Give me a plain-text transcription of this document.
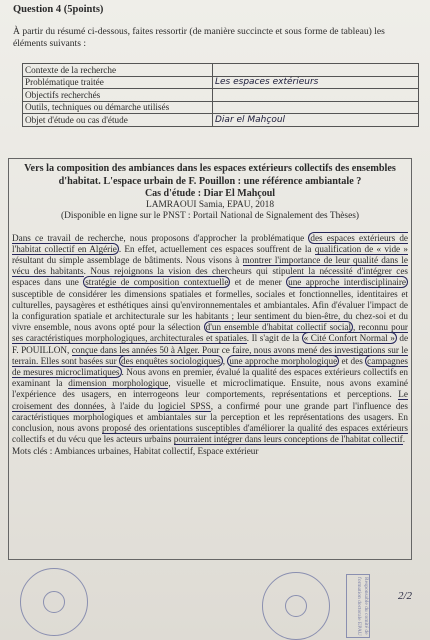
Question 4 (5points)
À partir du résumé ci-dessous, faites ressortir (de manière succincte et sous forme de tableau) les éléments suivants :
Contexte de la recherche	
Problématique traitée	Les espaces extérieurs
Objectifs recherchés	
Outils, techniques ou démarche utilisés	
Objet d'étude ou cas d'étude	Diar el Mahçoul
Vers la composition des ambiances dans les espaces extérieurs collectifs des ensembles d'habitat. L'espace urbain de F. Pouillon : une référence ambiantale ?
Cas d'étude : Diar El Mahçoul
LAMRAOUI Samia, EPAU, 2018
(Disponible en ligne sur le PNST : Portail National de Signalement des Thèses)
Dans ce travail de recherche, nous proposons d'approcher la problématique des espaces extérieurs de l'habitat collectif en Algérie . En effet, actuellement ces espaces souffrent de la qualification de « vide » résultant du simple assemblage de bâtiments. Nous visons à montrer l'importance de leur qualité dans le vécu des habitants. Nous rejoignons la vision des chercheurs qui stipulent la nécessité d'intégrer ces espaces dans une stratégie de composition contextuelle et de mener une approche interdisciplinaire susceptible de considérer les dimensions spatiales et formelles, sociales et fonctionnelles, identitaires et culturelles, paysagères et esthétiques ainsi qu'environnementales et ambiantales. Afin d'évaluer l'impact de la configuration spatiale et architecturale sur les habitants ; leur sentiment du bien-être, du chez-soi et du vivre ensemble, nous avons opté pour la sélection d'un ensemble d'habitat collectif social , reconnu pour ses caractéristiques morphologiques, architecturales et spatiales. Il s'agit de la « Cité Confort Normal » de F. POUILLON, conçue dans les années 50 à Alger. Pour ce faire, nous avons mené des investigations sur le terrain. Elles sont basées sur des enquêtes sociologiques , une approche morphologique et des campagnes de mesures microclimatiques . Nous avons en premier, évalué la qualité des espaces extérieurs collectifs en examinant la dimension morphologique, visuelle et microclimatique. Ensuite, nous avons examiné l'expérience des usagers, en interrogeons leur comportements, représentations et perceptions. Le croisement des données, à l'aide du logiciel SPSS, a confirmé pour une grande part l'influence des caractéristiques morphologiques et ambiantales sur la perception et les représentations des usagers. En conclusion, nous avons proposé des orientations susceptibles d'améliorer la qualité des espaces extérieurs collectifs et du vécu que les acteurs urbains pourraient intégrer dans leurs conceptions de l'habitat collectif.
Mots clés : Ambiances urbaines, Habitat collectif, Espace extérieur
Responsable du comité de formation doctorale EPAU	2/2
